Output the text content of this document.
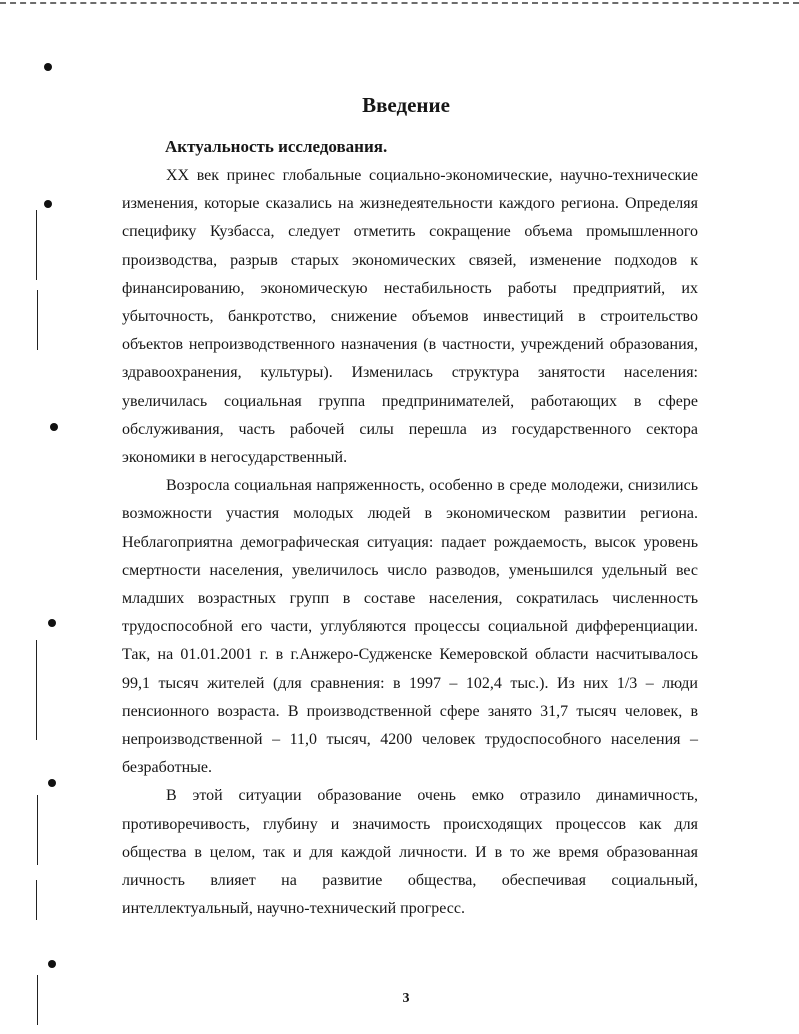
Введение
Актуальность исследования.

XX век принес глобальные социально-экономические, научно-технические изменения, которые сказались на жизнедеятельности каждого региона. Определяя специфику Кузбасса, следует отметить сокращение объема промышленного производства, разрыв старых экономических связей, изменение подходов к финансированию, экономическую нестабильность работы предприятий, их убыточность, банкротство, снижение объемов инвестиций в строительство объектов непроизводственного назначения (в частности, учреждений образования, здравоохранения, культуры). Изменилась структура занятости населения: увеличилась социальная группа предпринимателей, работающих в сфере обслуживания, часть рабочей силы перешла из государственного сектора экономики в негосударственный.

Возросла социальная напряженность, особенно в среде молодежи, снизились возможности участия молодых людей в экономическом развитии региона. Неблагоприятна демографическая ситуация: падает рождаемость, высок уровень смертности населения, увеличилось число разводов, уменьшился удельный вес младших возрастных групп в составе населения, сократилась численность трудоспособной его части, углубляются процессы социальной дифференциации. Так, на 01.01.2001 г. в г.Анжеро-Судженске Кемеровской области насчитывалось 99,1 тысяч жителей (для сравнения: в 1997 – 102,4 тыс.). Из них 1/3 – люди пенсионного возраста. В производственной сфере занято 31,7 тысяч человек, в непроизводственной – 11,0 тысяч, 4200 человек трудоспособного населения – безработные.

В этой ситуации образование очень емко отразило динамичность, противоречивость, глубину и значимость происходящих процессов как для общества в целом, так и для каждой личности. И в то же время образованная личность влияет на развитие общества, обеспечивая социальный, интеллектуальный, научно-технический прогресс.

3
